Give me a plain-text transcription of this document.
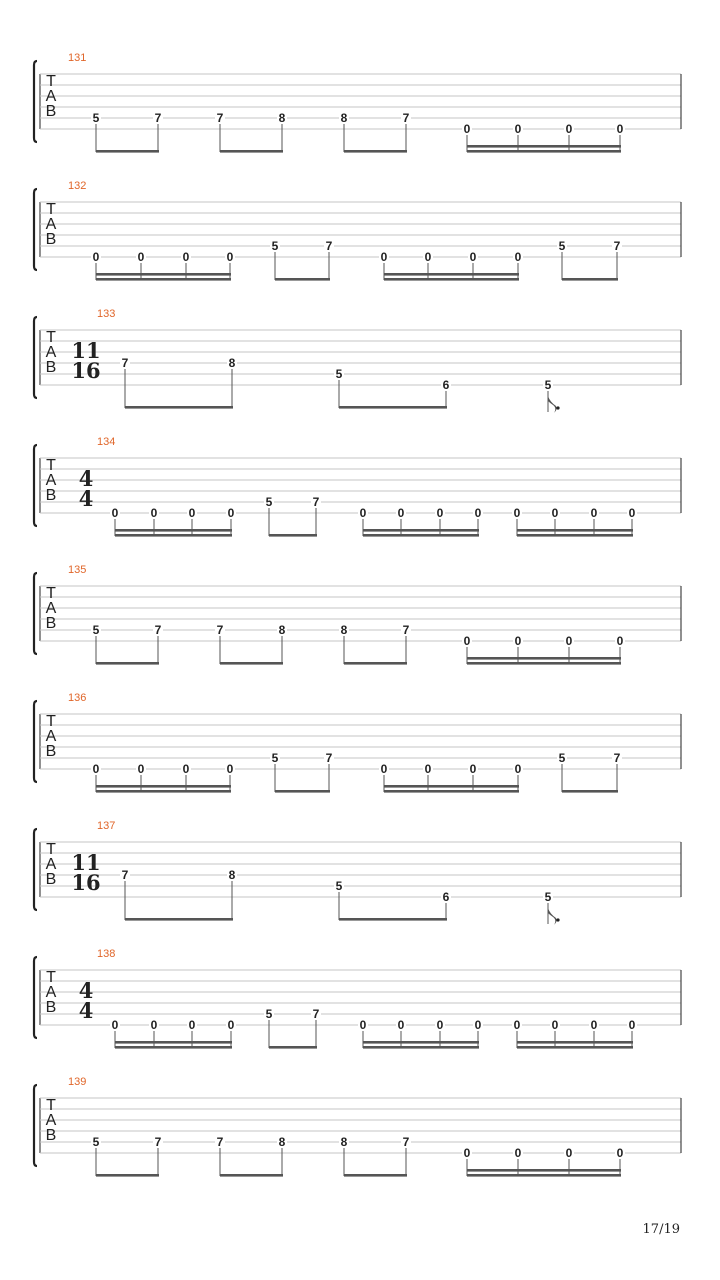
T
A
B
131
5	7	7	8	8	7
0	0	0	0
T
A
B
132
0	0	0	0
5	7
0	0	0	0
5	7
T
A
B
133
11
16 7	8
5
6	5
T
A
B
134
4
4
0	0	0	0
5	7
0	0	0	0	0	0	0	0
T
A
B
135
5	7	7	8	8	7
0	0	0	0
T
A
B
136
0	0	0	0
5	7
0	0	0	0
5	7
T
A
B
137
11
16 7	8
5
6	5
T
A
B
138
4
4
0	0	0	0
5	7
0	0	0	0	0	0	0	0
T
A
B
139
5	7	7	8	8	7
0	0	0	0
17/19
